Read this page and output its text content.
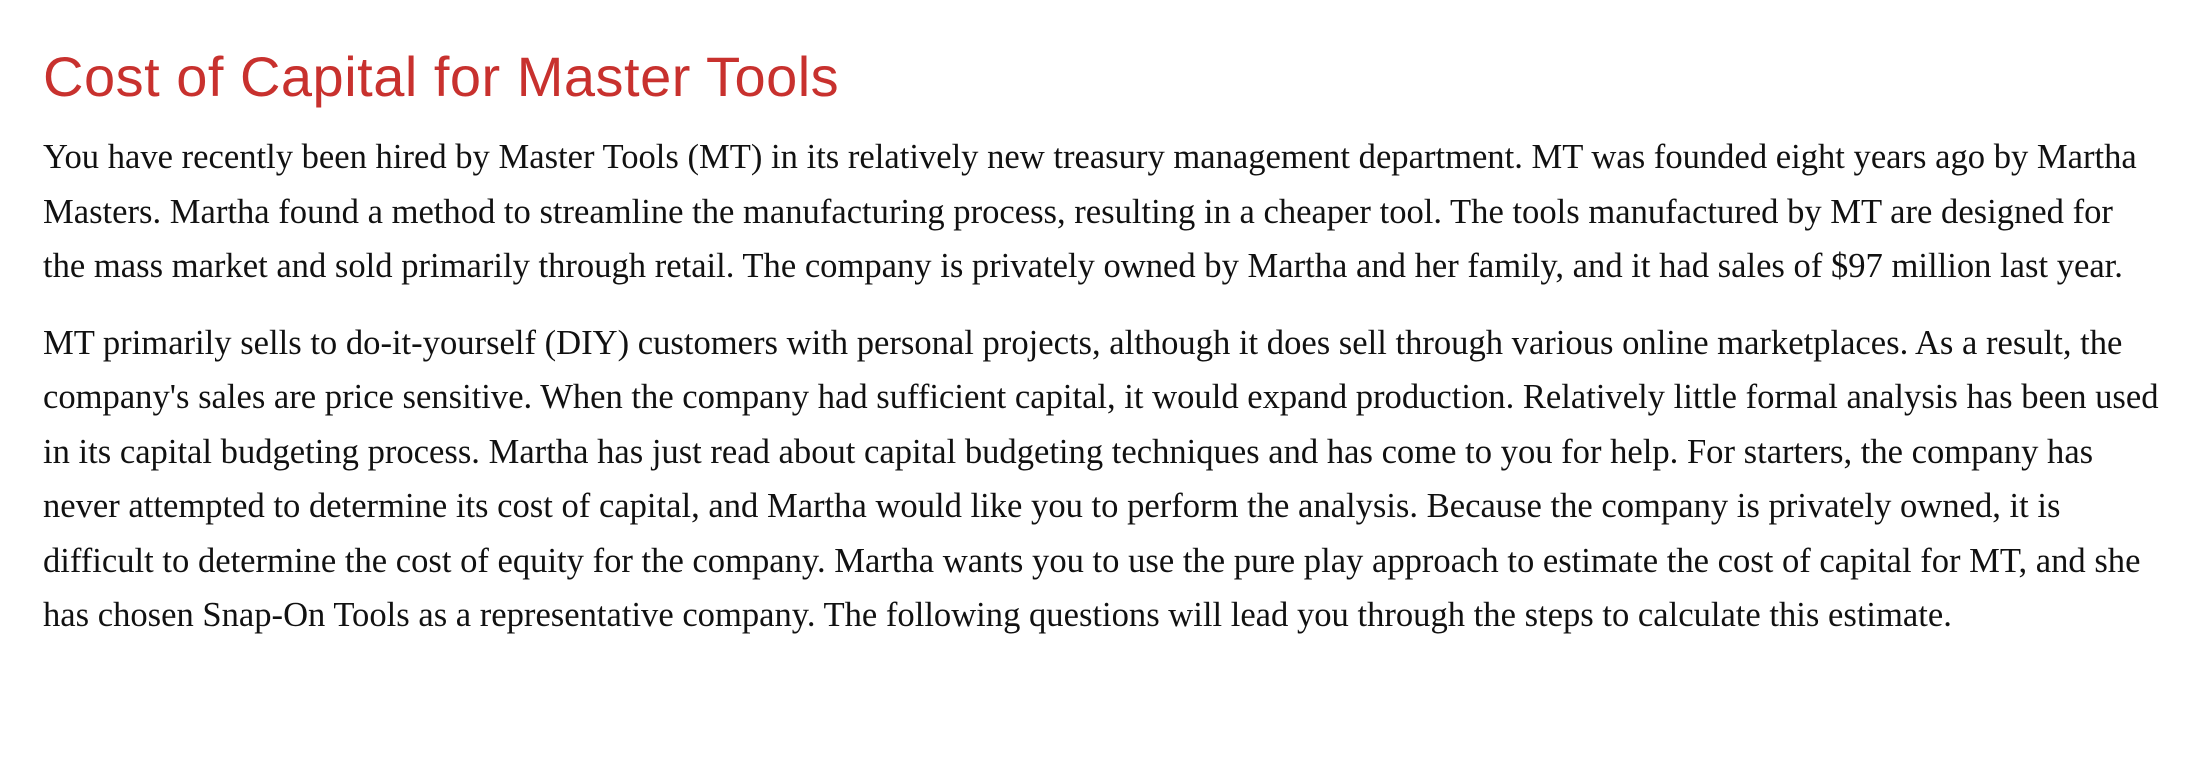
Cost of Capital for Master Tools

You have recently been hired by Master Tools (MT) in its relatively new treasury management department. MT was founded eight years ago by Martha Masters. Martha found a method to streamline the manufacturing process, resulting in a cheaper tool. The tools manufactured by MT are designed for the mass market and sold primarily through retail. The company is privately owned by Martha and her family, and it had sales of $97 million last year.

MT primarily sells to do-it-yourself (DIY) customers with personal projects, although it does sell through various online marketplaces. As a result, the company's sales are price sensitive. When the company had sufficient capital, it would expand production. Relatively little formal analysis has been used in its capital budgeting process. Martha has just read about capital budgeting techniques and has come to you for help. For starters, the company has never attempted to determine its cost of capital, and Martha would like you to perform the analysis. Because the company is privately owned, it is difficult to determine the cost of equity for the company. Martha wants you to use the pure play approach to estimate the cost of capital for MT, and she has chosen Snap-On Tools as a representative company. The following questions will lead you through the steps to calculate this estimate.
